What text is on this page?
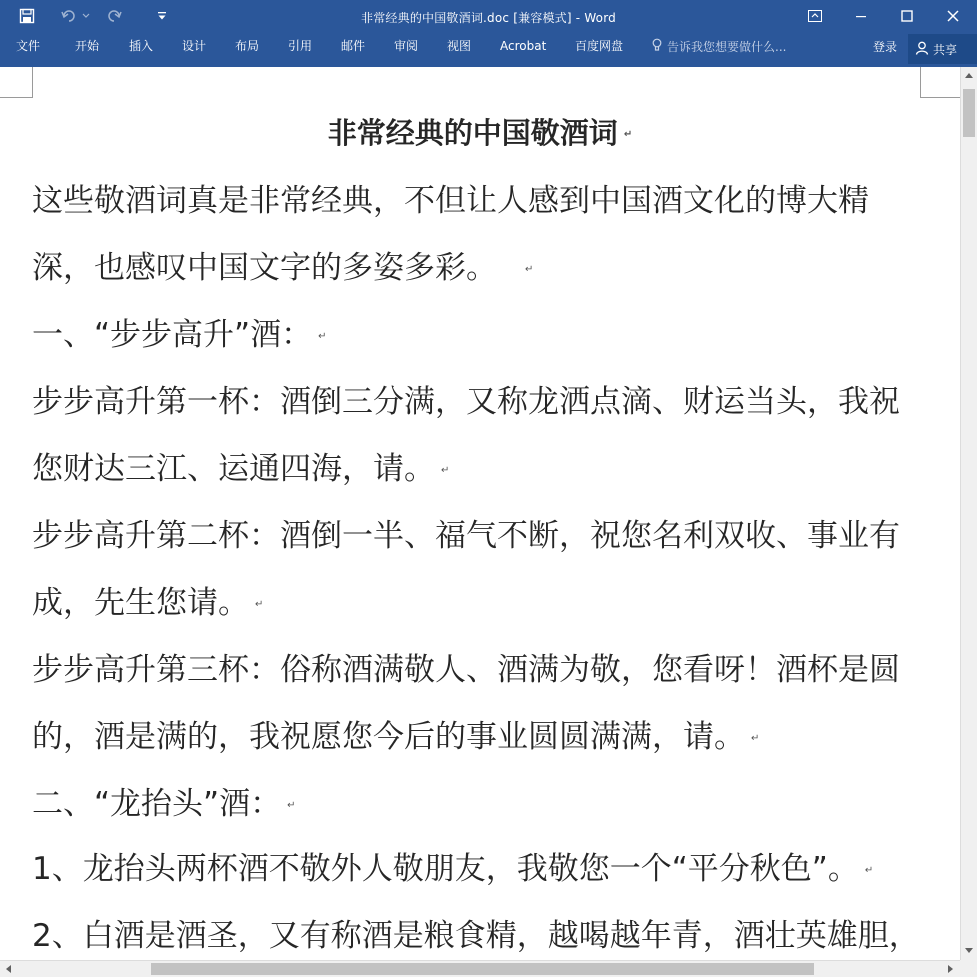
非常经典的中国敬酒词.doc [兼容模式] - Word
文件	开始 插入 设计 布局 引用 邮件 审阅 视图 Acrobat 百度网盘	告诉我您想要做什么...	登录	共享
非常经典的中国敬酒词 ↵
这些敬酒词真是非常经典，不但让人感到中国酒文化的博大精
深，也感叹中国文字的多姿多彩。	↵
一、“步步高升”酒： ↵
步步高升第一杯：酒倒三分满，又称龙洒点滴、财运当头，我祝
您财达三江、运通四海，请。 ↵
步步高升第二杯：酒倒一半、福气不断，祝您名利双收、事业有
成，先生您请。 ↵
步步高升第三杯：俗称酒满敬人、酒满为敬，您看呀！酒杯是圆
的，酒是满的，我祝愿您今后的事业圆圆满满，请。 ↵
二、“龙抬头”酒： ↵
1、龙抬头两杯酒不敬外人敬朋友，我敬您一个“平分秋色”。 ↵
2、白酒是酒圣，又有称酒是粮食精，越喝越年青，酒壮英雄胆，
